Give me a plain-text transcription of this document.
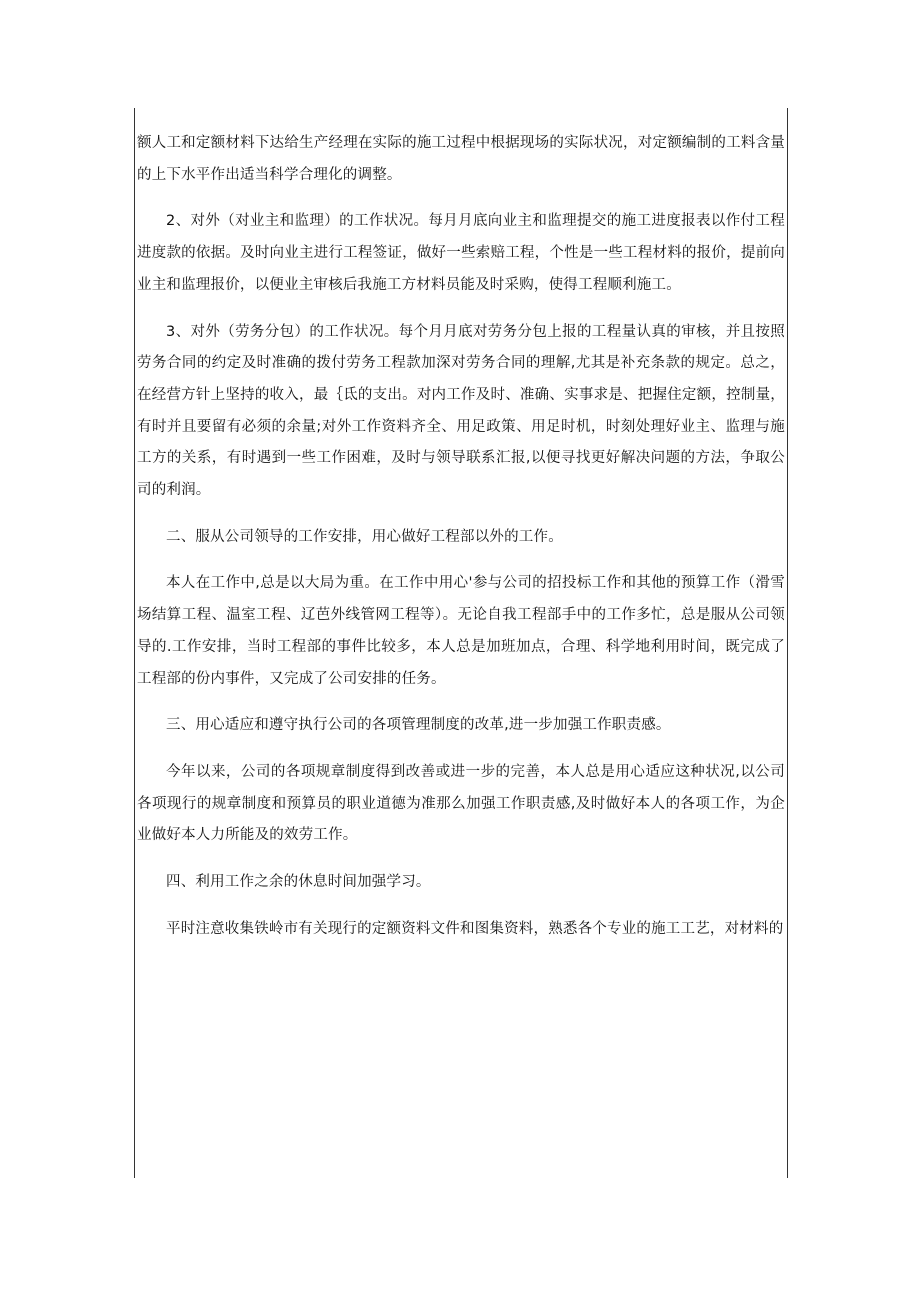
额人工和定额材料下达给生产经理在实际的施工过程中根据现场的实际状况，对定额编制的工料含量的上下水平作出适当科学合理化的调整。

2、对外（对业主和监理）的工作状况。每月月底向业主和监理提交的施工进度报表以作付工程进度款的依据。及时向业主进行工程签证，做好一些索赔工程，个性是一些工程材料的报价，提前向业主和监理报价，以便业主审核后我施工方材料员能及时采购，使得工程顺利施工。

3、对外（劳务分包）的工作状况。每个月月底对劳务分包上报的工程量认真的审核，并且按照劳务合同的约定及时准确的拨付劳务工程款加深对劳务合同的理解,尤其是补充条款的规定。总之，在经营方针上坚持的收入，最｛氐的支出。对内工作及时、准确、实事求是、把握住定额，控制量，有时并且要留有必须的余量;对外工作资料齐全、用足政策、用足时机，时刻处理好业主、监理与施工方的关系，有时遇到一些工作困难，及时与领导联系汇报,以便寻找更好解决问题的方法，争取公司的利润。

二、服从公司领导的工作安排，用心做好工程部以外的工作。

本人在工作中,总是以大局为重。在工作中用心'参与公司的招投标工作和其他的预算工作（滑雪场结算工程、温室工程、辽芭外线管网工程等）。无论自我工程部手中的工作多忙，总是服从公司领导的.工作安排，当时工程部的事件比较多，本人总是加班加点，合理、科学地利用时间，既完成了工程部的份内事件，又完成了公司安排的任务。

三、用心适应和遵守执行公司的各项管理制度的改革,进一步加强工作职责感。

今年以来，公司的各项规章制度得到改善或进一步的完善，本人总是用心适应这种状况,以公司各项现行的规章制度和预算员的职业道德为准那么加强工作职责感,及时做好本人的各项工作，为企业做好本人力所能及的效劳工作。

四、利用工作之余的休息时间加强学习。

平时注意收集铁岭市有关现行的定额资料文件和图集资料，熟悉各个专业的施工工艺，对材料的
